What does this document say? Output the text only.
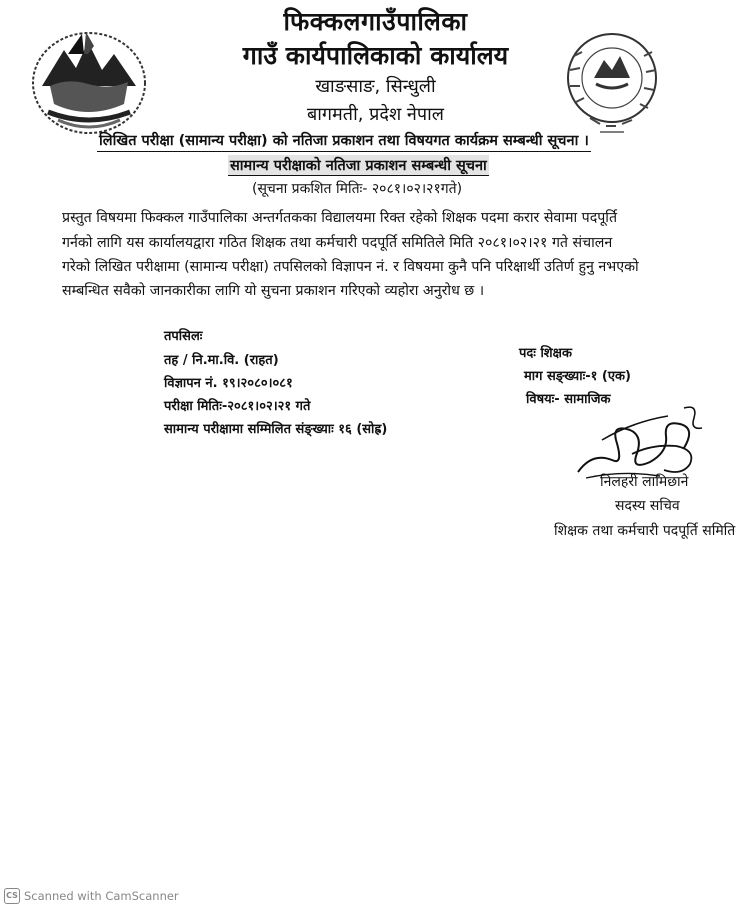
फिक्कलगाउँपालिका
गाउँ कार्यपालिकाको कार्यालय
खाङसाङ, सिन्धुली
बागमती, प्रदेश नेपाल
लिखित परीक्षा (सामान्य परीक्षा) को नतिजा प्रकाशन तथा विषयगत कार्यक्रम सम्बन्धी सूचना ।
सामान्य परीक्षाको नतिजा प्रकाशन सम्बन्धी सूचना
(सूचना प्रकशित मितिः- २०८१।०२।२१गते)
प्रस्तुत विषयमा फिक्कल गाउँपालिका अन्तर्गतकका विद्यालयमा रिक्त रहेको शिक्षक पदमा करार सेवामा पदपूर्ति
गर्नको लागि यस कार्यालयद्वारा गठित शिक्षक तथा कर्मचारी पदपूर्ति समितिले मिति २०८१।०२।२१ गते संचालन
गरेको लिखित परीक्षामा (सामान्य परीक्षा) तपसिलको विज्ञापन नं. र विषयमा कुनै पनि परिक्षार्थी उतिर्ण हुनु नभएको
सम्बन्धित सवैको जानकारीका लागि यो सुचना प्रकाशन गरिएको व्यहोरा अनुरोध छ ।
तपसिलः
तह / नि.मा.वि. (राहत)
विज्ञापन नं. १९।२०८०।०८१
परीक्षा मितिः-२०८१।०२।२१ गते
सामान्य परीक्षामा सम्मिलित संङ्ख्याः १६ (सोह्र)
पदः शिक्षक
माग सङ्ख्याः-१ (एक)
विषयः- सामाजिक
निलहरी लामिछाने
सदस्य सचिव
शिक्षक तथा कर्मचारी पदपूर्ति समिति
CS Scanned with CamScanner
